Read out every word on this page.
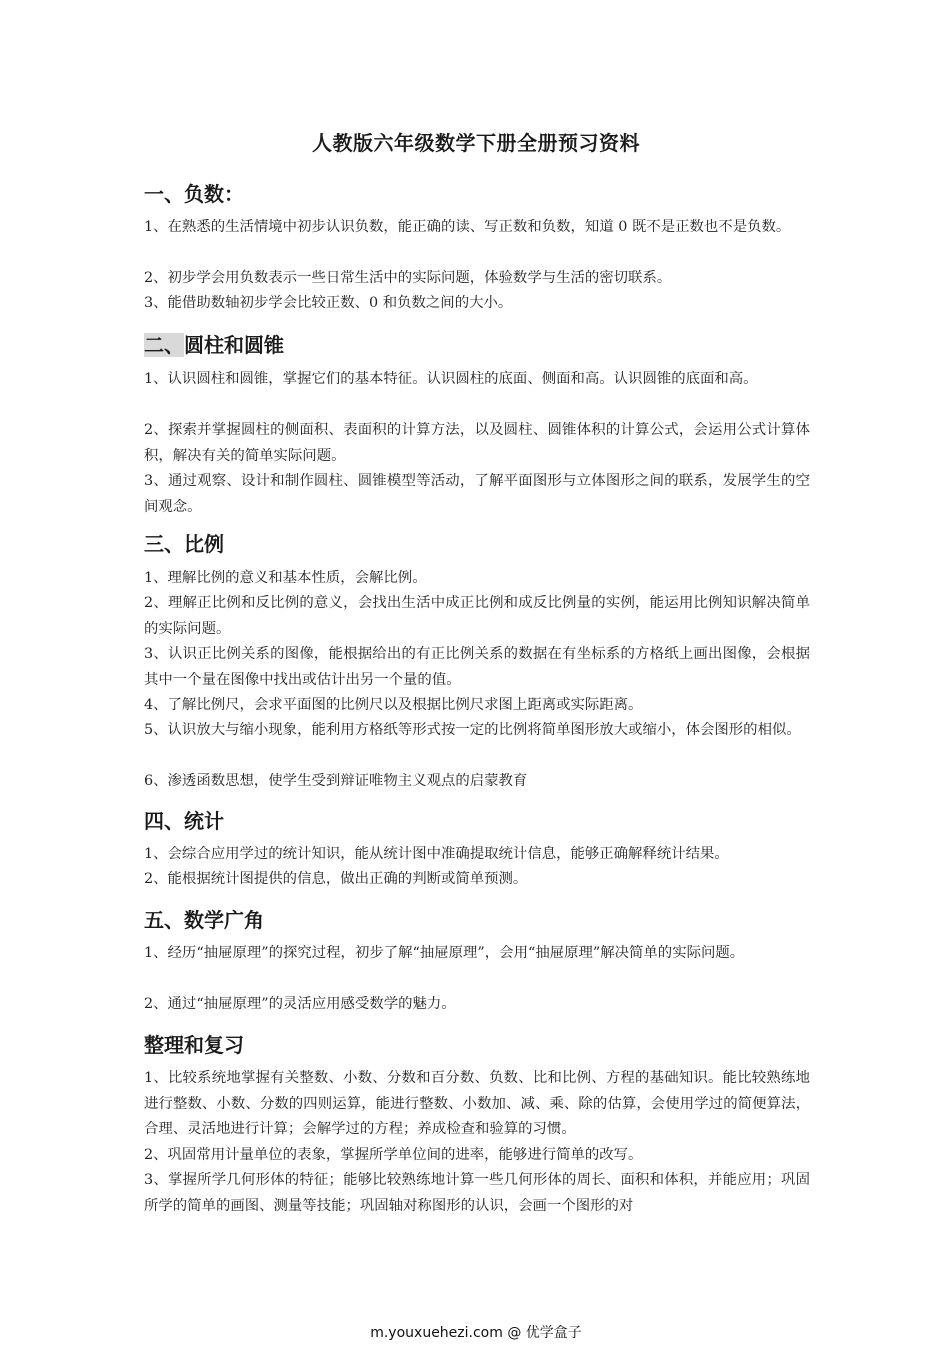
人教版六年级数学下册全册预习资料
一、负数：

1、在熟悉的生活情境中初步认识负数，能正确的读、写正数和负数，知道 0 既不是正数也不是负数。

2、初步学会用负数表示一些日常生活中的实际问题，体验数学与生活的密切联系。

3、能借助数轴初步学会比较正数、0 和负数之间的大小。

二、圆柱和圆锥

1、认识圆柱和圆锥，掌握它们的基本特征。认识圆柱的底面、侧面和高。认识圆锥的底面和高。

2、探索并掌握圆柱的侧面积、表面积的计算方法，以及圆柱、圆锥体积的计算公式，会运用公式计算体积，解决有关的简单实际问题。

3、通过观察、设计和制作圆柱、圆锥模型等活动，了解平面图形与立体图形之间的联系，发展学生的空间观念。

三、比例

1、理解比例的意义和基本性质，会解比例。

2、理解正比例和反比例的意义，会找出生活中成正比例和成反比例量的实例，能运用比例知识解决简单的实际问题。

3、认识正比例关系的图像，能根据给出的有正比例关系的数据在有坐标系的方格纸上画出图像，会根据其中一个量在图像中找出或估计出另一个量的值。

4、了解比例尺，会求平面图的比例尺以及根据比例尺求图上距离或实际距离。

5、认识放大与缩小现象，能利用方格纸等形式按一定的比例将简单图形放大或缩小，体会图形的相似。

6、渗透函数思想，使学生受到辩证唯物主义观点的启蒙教育

四、统计

1、会综合应用学过的统计知识，能从统计图中准确提取统计信息，能够正确解释统计结果。

2、能根据统计图提供的信息，做出正确的判断或简单预测。

五、数学广角

1、经历“抽屉原理”的探究过程，初步了解“抽屉原理”，会用“抽屉原理”解决简单的实际问题。

2、通过“抽屉原理”的灵活应用感受数学的魅力。

整理和复习

1、比较系统地掌握有关整数、小数、分数和百分数、负数、比和比例、方程的基础知识。能比较熟练地进行整数、小数、分数的四则运算，能进行整数、小数加、减、乘、除的估算，会使用学过的简便算法，合理、灵活地进行计算；会解学过的方程；养成检查和验算的习惯。

2、巩固常用计量单位的表象，掌握所学单位间的进率，能够进行简单的改写。

3、掌握所学几何形体的特征；能够比较熟练地计算一些几何形体的周长、面积和体积，并能应用；巩固所学的简单的画图、测量等技能；巩固轴对称图形的认识，会画一个图形的对

m.youxuehezi.com @ 优学盒子
